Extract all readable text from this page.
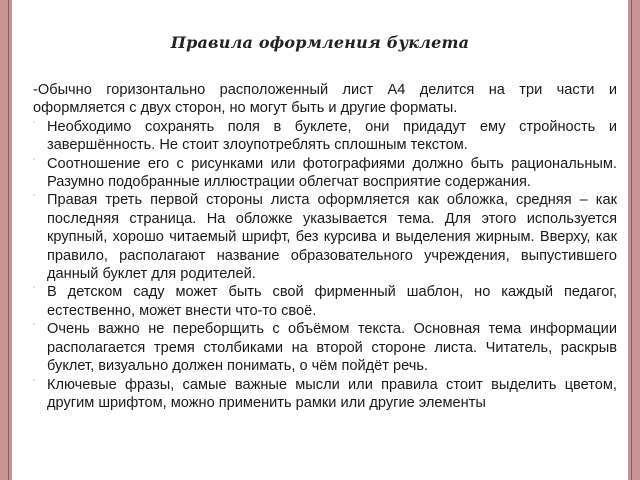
Правила оформления буклета

-Обычно горизонтально расположенный лист А4 делится на три части и оформляется с двух сторон, но могут быть и другие форматы.

˙ Необходимо сохранять поля в буклете, они придадут ему стройность и завершённость. Не стоит злоупотреблять сплошным текстом.
˙ Соотношение его с рисунками или фотографиями должно быть рациональным. Разумно подобранные иллюстрации облегчат восприятие содержания.
˙ Правая треть первой стороны листа оформляется как обложка, средняя – как последняя страница. На обложке указывается тема. Для этого используется крупный, хорошо читаемый шрифт, без курсива и выделения жирным. Вверху, как правило, располагают название образовательного учреждения, выпустившего данный буклет для родителей.
˙ В детском саду может быть свой фирменный шаблон, но каждый педагог, естественно, может внести что-то своё.
˙ Очень важно не переборщить с объёмом текста. Основная тема информации располагается тремя столбиками на второй стороне листа. Читатель, раскрыв буклет, визуально должен понимать, о чём пойдёт речь.
˙ Ключевые фразы, самые важные мысли или правила стоит выделить цветом, другим шрифтом, можно применить рамки или другие элементы
